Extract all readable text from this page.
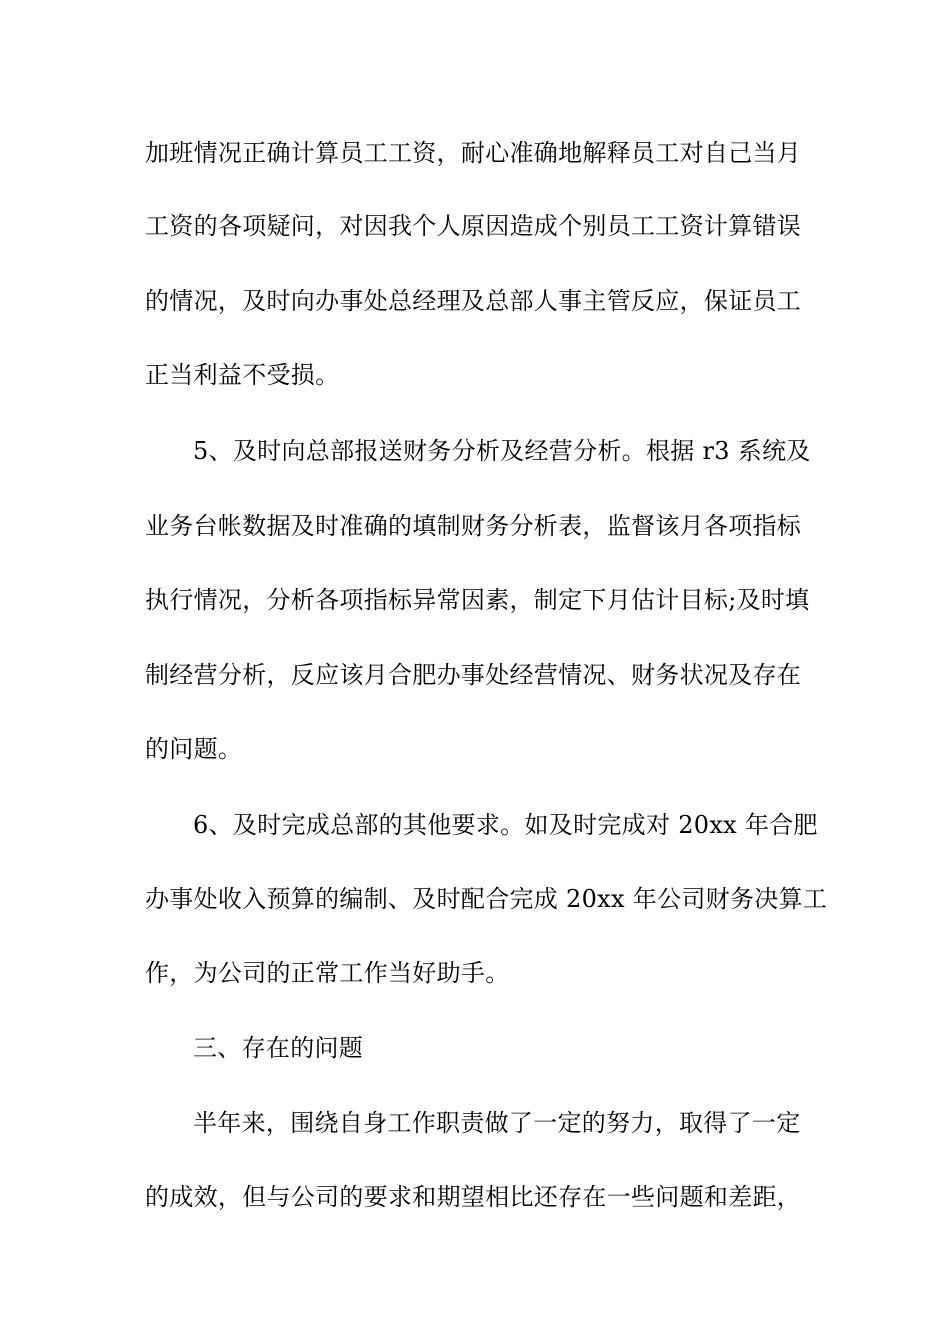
加班情况正确计算员工工资，耐心准确地解释员工对自己当月
工资的各项疑问，对因我个人原因造成个别员工工资计算错误
的情况，及时向办事处总经理及总部人事主管反应，保证员工
正当利益不受损。
5、及时向总部报送财务分析及经营分析。根据 r3 系统及
业务台帐数据及时准确的填制财务分析表，监督该月各项指标
执行情况，分析各项指标异常因素，制定下月估计目标;及时填
制经营分析，反应该月合肥办事处经营情况、财务状况及存在
的问题。
6、及时完成总部的其他要求。如及时完成对 20xx 年合肥
办事处收入预算的编制、及时配合完成 20xx 年公司财务决算工
作，为公司的正常工作当好助手。
三、存在的问题
半年来，围绕自身工作职责做了一定的努力，取得了一定
的成效，但与公司的要求和期望相比还存在一些问题和差距，
